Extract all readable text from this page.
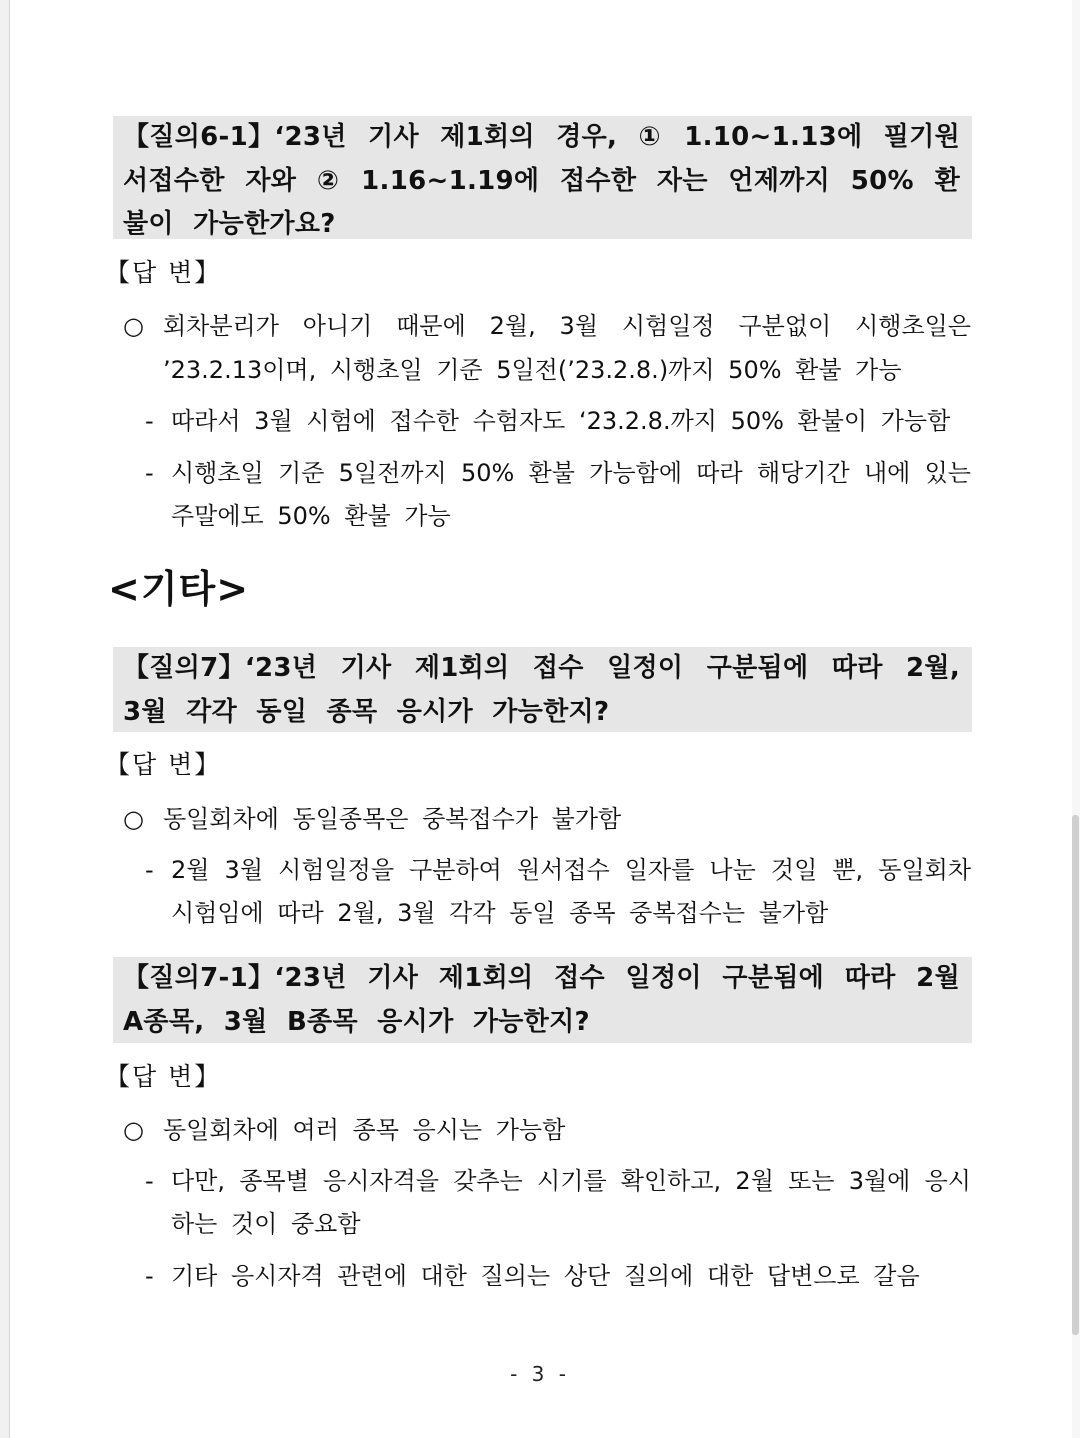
【질의6-1】 ‘23년 기사 제1회의 경우, ① 1.10∼1.13에 필기원서접수한 자와 ② 1.16∼1.19에 접수한 자는 언제까지 50% 환불이 가능한가요?
【답 변】
○ 회차분리가 아니기 때문에 2월, 3월 시험일정 구분없이 시행초일은 ’23.2.13이며, 시행초일 기준 5일전(’23.2.8.)까지 50% 환불 가능
- 따라서 3월 시험에 접수한 수험자도 ‘23.2.8.까지 50% 환불이 가능함
- 시행초일 기준 5일전까지 50% 환불 가능함에 따라 해당기간 내에 있는 주말에도 50% 환불 가능
<기타>
【질의7】 ‘23년 기사 제1회의 접수 일정이 구분됨에 따라 2월, 3월 각각 동일 종목 응시가 가능한지?
【답 변】
○ 동일회차에 동일종목은 중복접수가 불가함
- 2월 3월 시험일정을 구분하여 원서접수 일자를 나눈 것일 뿐, 동일회차 시험임에 따라 2월, 3월 각각 동일 종목 중복접수는 불가함
【질의7-1】 ‘23년 기사 제1회의 접수 일정이 구분됨에 따라 2월 A종목, 3월 B종목 응시가 가능한지?
【답 변】
○ 동일회차에 여러 종목 응시는 가능함
- 다만, 종목별 응시자격을 갖추는 시기를 확인하고, 2월 또는 3월에 응시 하는 것이 중요함
- 기타 응시자격 관련에 대한 질의는 상단 질의에 대한 답변으로 갈음
- 3 -
